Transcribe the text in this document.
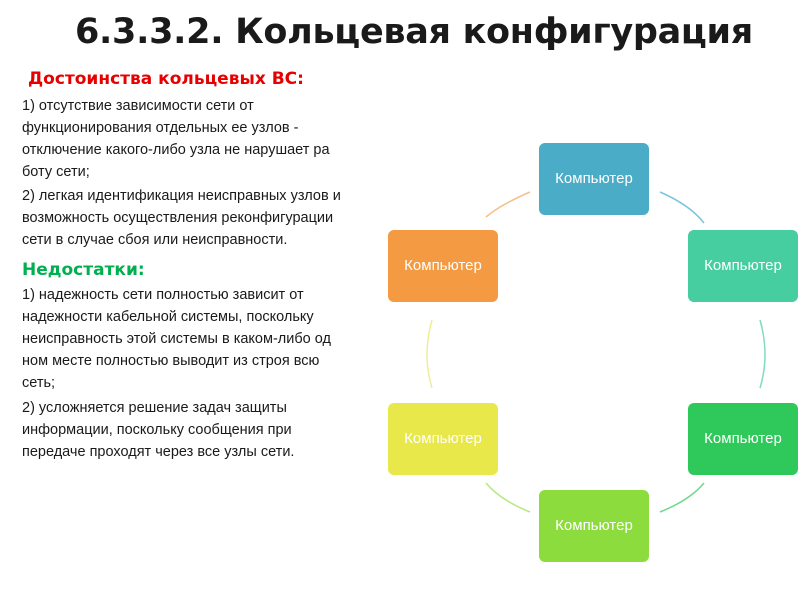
6.3.3.2. Кольцевая конфигурация
Достоинства кольцевых ВС:

1) отсутствие зависимости сети от
функционирования отдельных ее узлов -
отключение какого-либо узла не нарушает ра
боту сети;

2) легкая идентификация неисправных узлов и
возможность осуществления реконфигурации
сети в случае сбоя или неисправности.

Недостатки:

1) надежность сети полностью зависит от
надежности кабельной системы, поскольку
неисправность этой системы в каком-либо од
ном месте полностью выводит из строя всю
сеть;

2) усложняется решение задач защиты
информации, поскольку сообщения при
передаче проходят через все узлы сети.

Компьютер
Компьютер
Компьютер
Компьютер
Компьютер
Компьютер
